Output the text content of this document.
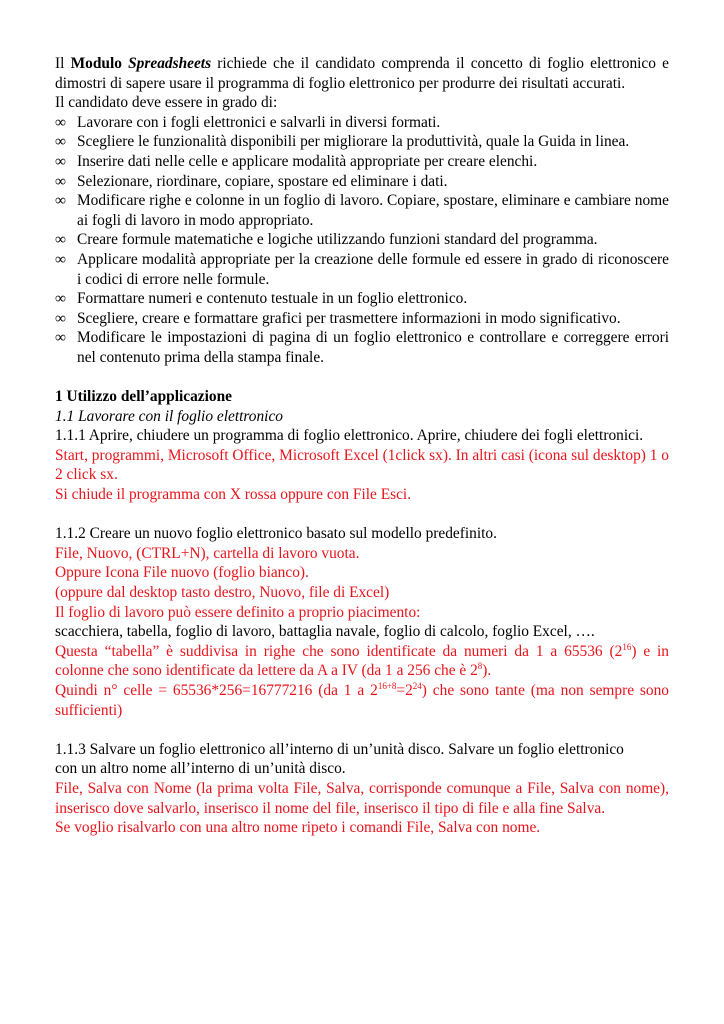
Il Modulo Spreadsheets richiede che il candidato comprenda il concetto di foglio elettronico e dimostri di sapere usare il programma di foglio elettronico per produrre dei risultati accurati.

Il candidato deve essere in grado di:

∞ Lavorare con i fogli elettronici e salvarli in diversi formati.
∞ Scegliere le funzionalità disponibili per migliorare la produttività, quale la Guida in linea.
∞ Inserire dati nelle celle e applicare modalità appropriate per creare elenchi.
∞ Selezionare, riordinare, copiare, spostare ed eliminare i dati.
∞ Modificare righe e colonne in un foglio di lavoro. Copiare, spostare, eliminare e cambiare nome ai fogli di lavoro in modo appropriato.
∞ Creare formule matematiche e logiche utilizzando funzioni standard del programma.
∞ Applicare modalità appropriate per la creazione delle formule ed essere in grado di riconoscere i codici di errore nelle formule.
∞ Formattare numeri e contenuto testuale in un foglio elettronico.
∞ Scegliere, creare e formattare grafici per trasmettere informazioni in modo significativo.
∞ Modificare le impostazioni di pagina di un foglio elettronico e controllare e correggere errori nel contenuto prima della stampa finale.

1 Utilizzo dell’applicazione

1.1 Lavorare con il foglio elettronico

1.1.1 Aprire, chiudere un programma di foglio elettronico. Aprire, chiudere dei fogli elettronici.

Start, programmi, Microsoft Office, Microsoft Excel (1click sx). In altri casi (icona sul desktop) 1 o 2 click sx.

Si chiude il programma con X rossa oppure con File Esci.

1.1.2 Creare un nuovo foglio elettronico basato sul modello predefinito.

File, Nuovo, (CTRL+N), cartella di lavoro vuota.

Oppure Icona File nuovo (foglio bianco).

(oppure dal desktop tasto destro, Nuovo, file di Excel)

Il foglio di lavoro può essere definito a proprio piacimento:

scacchiera, tabella, foglio di lavoro, battaglia navale, foglio di calcolo, foglio Excel, ….

Questa “tabella” è suddivisa in righe che sono identificate da numeri da 1 a 65536 $(2^{16})$ e in colonne che sono identificate da lettere da A a IV (da 1 a 256 che è $2^8$).

Quindi n° celle = 65536*256=16777216 (da 1 a $2^{16+8}=2^{24}$) che sono tante (ma non sempre sono sufficienti)

1.1.3 Salvare un foglio elettronico all’interno di un’unità disco. Salvare un foglio elettronico

con un altro nome all’interno di un’unità disco.

File, Salva con Nome (la prima volta File, Salva, corrisponde comunque a File, Salva con nome), inserisco dove salvarlo, inserisco il nome del file, inserisco il tipo di file e alla fine Salva.

Se voglio risalvarlo con una altro nome ripeto i comandi File, Salva con nome.
